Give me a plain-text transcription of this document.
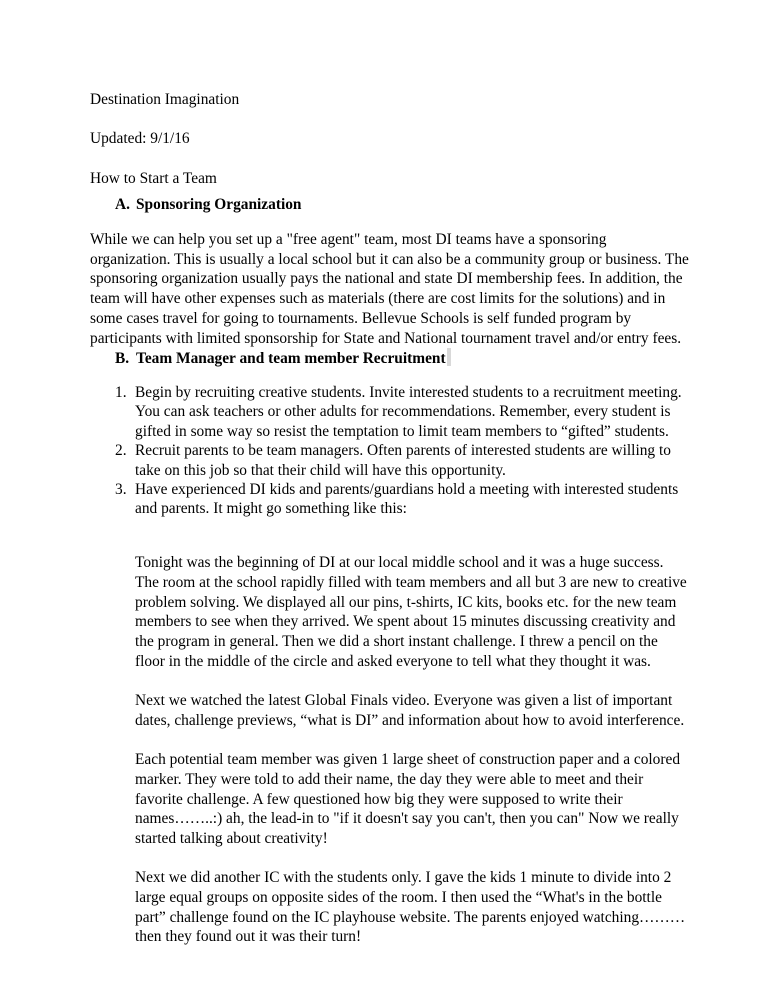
Destination Imagination
Updated: 9/1/16
How to Start a Team
A. Sponsoring Organization
While we can help you set up a "free agent" team, most DI teams have a sponsoring organization. This is usually a local school but it can also be a community group or business. The sponsoring organization usually pays the national and state DI membership fees. In addition, the team will have other expenses such as materials (there are cost limits for the solutions) and in some cases travel for going to tournaments. Bellevue Schools is self funded program by participants with limited sponsorship for State and National tournament travel and/or entry fees.
B. Team Manager and team member Recruitment
1. Begin by recruiting creative students. Invite interested students to a recruitment meeting. You can ask teachers or other adults for recommendations. Remember, every student is gifted in some way so resist the temptation to limit team members to “gifted” students.
2. Recruit parents to be team managers. Often parents of interested students are willing to take on this job so that their child will have this opportunity.
3. Have experienced DI kids and parents/guardians hold a meeting with interested students and parents. It might go something like this:
Tonight was the beginning of DI at our local middle school and it was a huge success. The room at the school rapidly filled with team members and all but 3 are new to creative problem solving. We displayed all our pins, t-shirts, IC kits, books etc. for the new team members to see when they arrived. We spent about 15 minutes discussing creativity and the program in general. Then we did a short instant challenge. I threw a pencil on the floor in the middle of the circle and asked everyone to tell what they thought it was.
Next we watched the latest Global Finals video. Everyone was given a list of important dates, challenge previews, “what is DI” and information about how to avoid interference.
Each potential team member was given 1 large sheet of construction paper and a colored marker. They were told to add their name, the day they were able to meet and their favorite challenge. A few questioned how big they were supposed to write their names……..:) ah, the lead-in to "if it doesn't say you can't, then you can" Now we really started talking about creativity!
Next we did another IC with the students only. I gave the kids 1 minute to divide into 2 large equal groups on opposite sides of the room. I then used the “What's in the bottle part” challenge found on the IC playhouse website. The parents enjoyed watching………then they found out it was their turn!
